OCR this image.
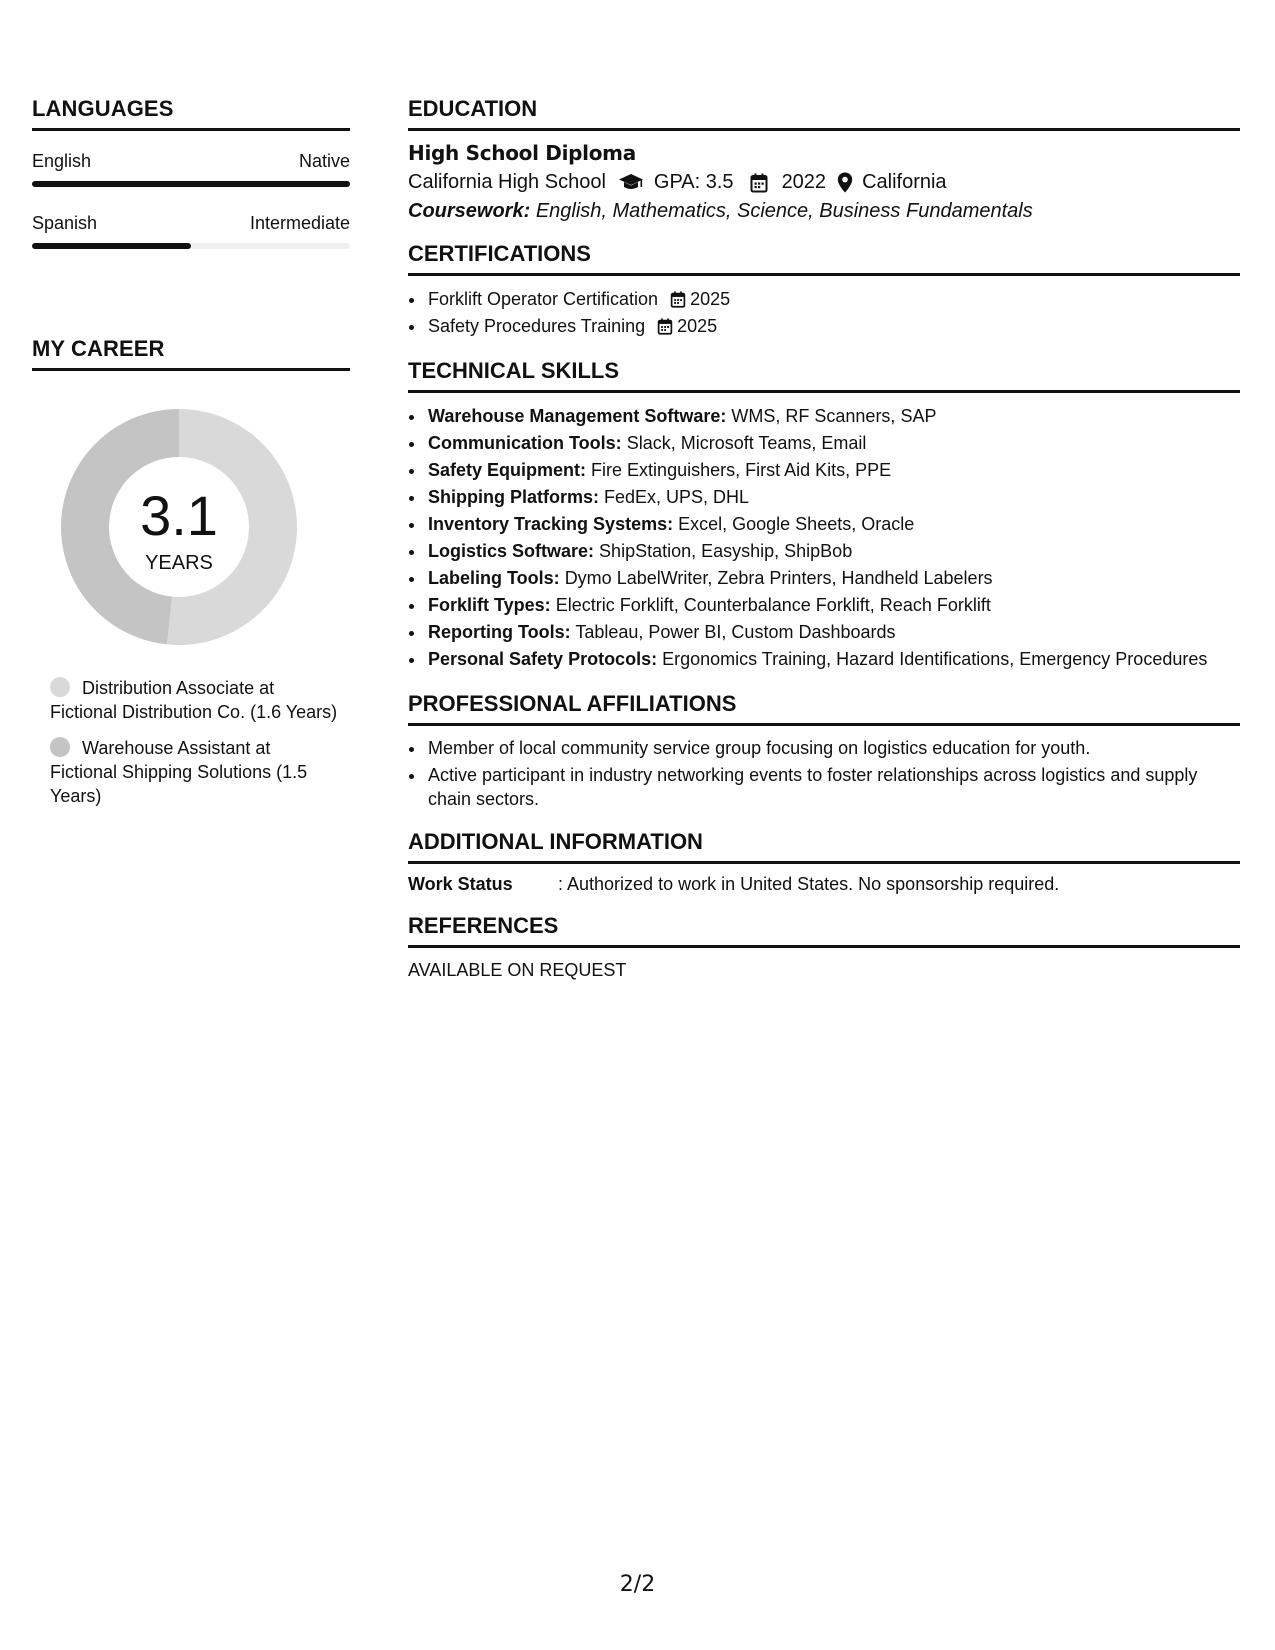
LANGUAGES
English	Native
Spanish	Intermediate
MY CAREER
3.1
YEARS
Distribution Associate at Fictional Distribution Co. (1.6 Years)
Warehouse Assistant at Fictional Shipping Solutions (1.5 Years)
EDUCATION
High School Diploma
California High School GPA: 3.5 2022 California
Coursework: English, Mathematics, Science, Business Fundamentals
CERTIFICATIONS
• Forklift Operator Certification 2025
• Safety Procedures Training 2025
TECHNICAL SKILLS
• Warehouse Management Software: WMS, RF Scanners, SAP
• Communication Tools: Slack, Microsoft Teams, Email
• Safety Equipment: Fire Extinguishers, First Aid Kits, PPE
• Shipping Platforms: FedEx, UPS, DHL
• Inventory Tracking Systems: Excel, Google Sheets, Oracle
• Logistics Software: ShipStation, Easyship, ShipBob
• Labeling Tools: Dymo LabelWriter, Zebra Printers, Handheld Labelers
• Forklift Types: Electric Forklift, Counterbalance Forklift, Reach Forklift
• Reporting Tools: Tableau, Power BI, Custom Dashboards
• Personal Safety Protocols: Ergonomics Training, Hazard Identifications, Emergency Procedures
PROFESSIONAL AFFILIATIONS
• Member of local community service group focusing on logistics education for youth.
• Active participant in industry networking events to foster relationships across logistics and supply chain sectors.
ADDITIONAL INFORMATION
Work Status	: Authorized to work in United States. No sponsorship required.
REFERENCES
AVAILABLE ON REQUEST
2/2
